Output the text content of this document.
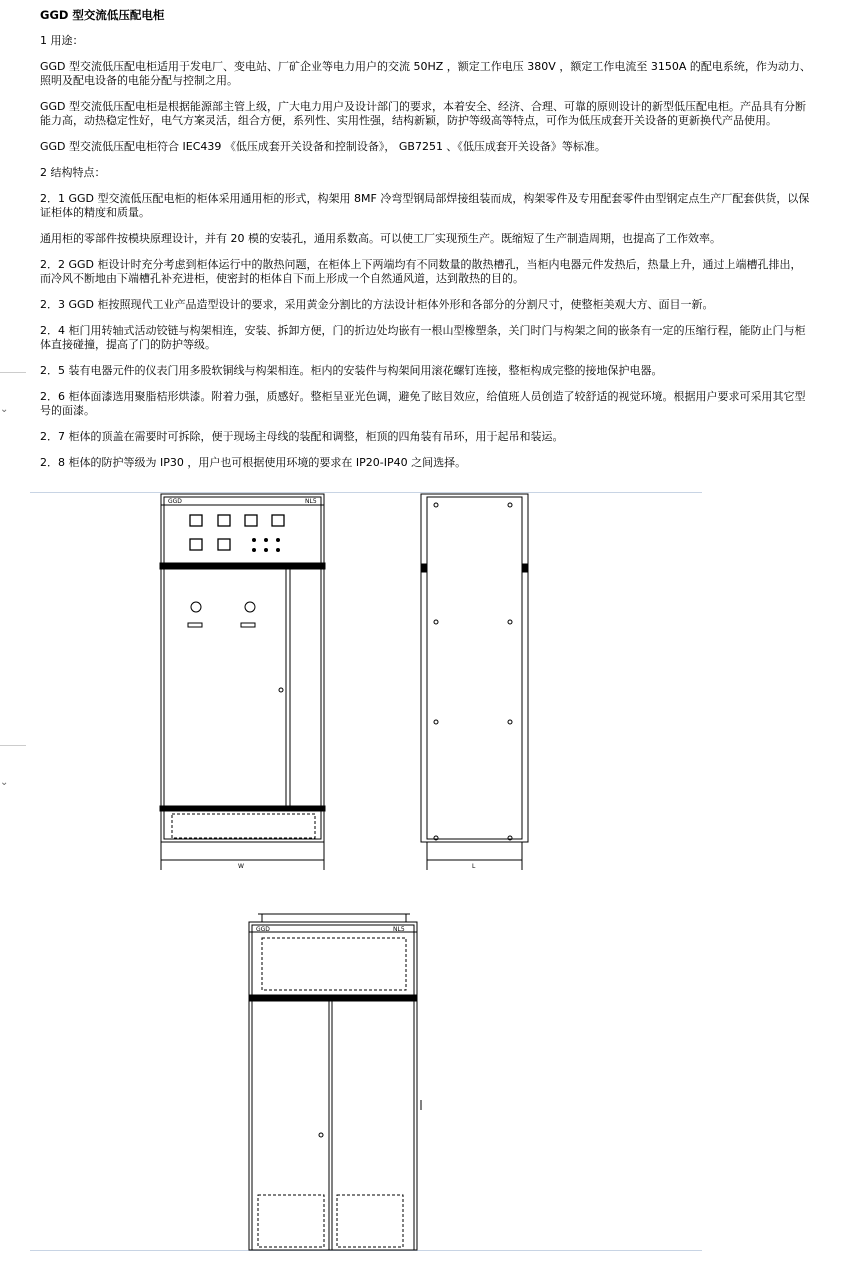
GGD 型交流低压配电柜

1 用途：

GGD 型交流低压配电柜适用于发电厂、变电站、厂矿企业等电力用户的交流 50HZ ，额定工作电压 380V ，额定工作电流至 3150A 的配电系统，作为动力、照明及配电设备的电能分配与控制之用。

GGD 型交流低压配电柜是根据能源部主管上级，广大电力用户及设计部门的要求，本着安全、经济、合理、可靠的原则设计的新型低压配电柜。产品具有分断能力高，动热稳定性好，电气方案灵活，组合方便，系列性、实用性强，结构新颖，防护等级高等特点，可作为低压成套开关设备的更新换代产品使用。

GGD 型交流低压配电柜符合 IEC439 《低压成套开关设备和控制设备》， GB7251 、《低压成套开关设备》等标准。

2 结构特点：

2．1 GGD 型交流低压配电柜的柜体采用通用柜的形式，构架用 8MF 冷弯型钢局部焊接组装而成，构架零件及专用配套零件由型钢定点生产厂配套供货，以保证柜体的精度和质量。

通用柜的零部件按模块原理设计，并有 20 模的安装孔，通用系数高。可以使工厂实现预生产。既缩短了生产制造周期，也提高了工作效率。

2．2 GGD 柜设计时充分考虑到柜体运行中的散热问题，在柜体上下两端均有不同数量的散热槽孔，当柜内电器元件发热后，热量上升，通过上端槽孔排出，而冷风不断地由下端槽孔补充进柜，使密封的柜体自下而上形成一个自然通风道，达到散热的目的。

2．3 GGD 柜按照现代工业产品造型设计的要求，采用黄金分割比的方法设计柜体外形和各部分的分割尺寸，使整柜美观大方、面目一新。

2．4 柜门用转轴式活动铰链与构架相连，安装、拆卸方便，门的折边处均嵌有一根山型橡塑条，关门时门与构架之间的嵌条有一定的压缩行程，能防止门与柜体直接碰撞，提高了门的防护等级。

2．5 装有电器元件的仪表门用多股软铜线与构架相连。柜内的安装件与构架间用滚花螺钉连接，整柜构成完整的接地保护电器。

2．6 柜体面漆选用聚脂桔形烘漆。附着力强，质感好。整柜呈亚光色调，避免了眩目效应，给值班人员创造了较舒适的视觉环境。根据用户要求可采用其它型号的面漆。

2．7 柜体的顶盖在需要时可拆除，便于现场主母线的装配和调整，柜顶的四角装有吊环，用于起吊和装运。

2．8 柜体的防护等级为 IP30 ，用户也可根据使用环境的要求在 IP20-IP40 之间选择。

⌄
⌄
GGD	NL5
W	L
GGD	NL5
